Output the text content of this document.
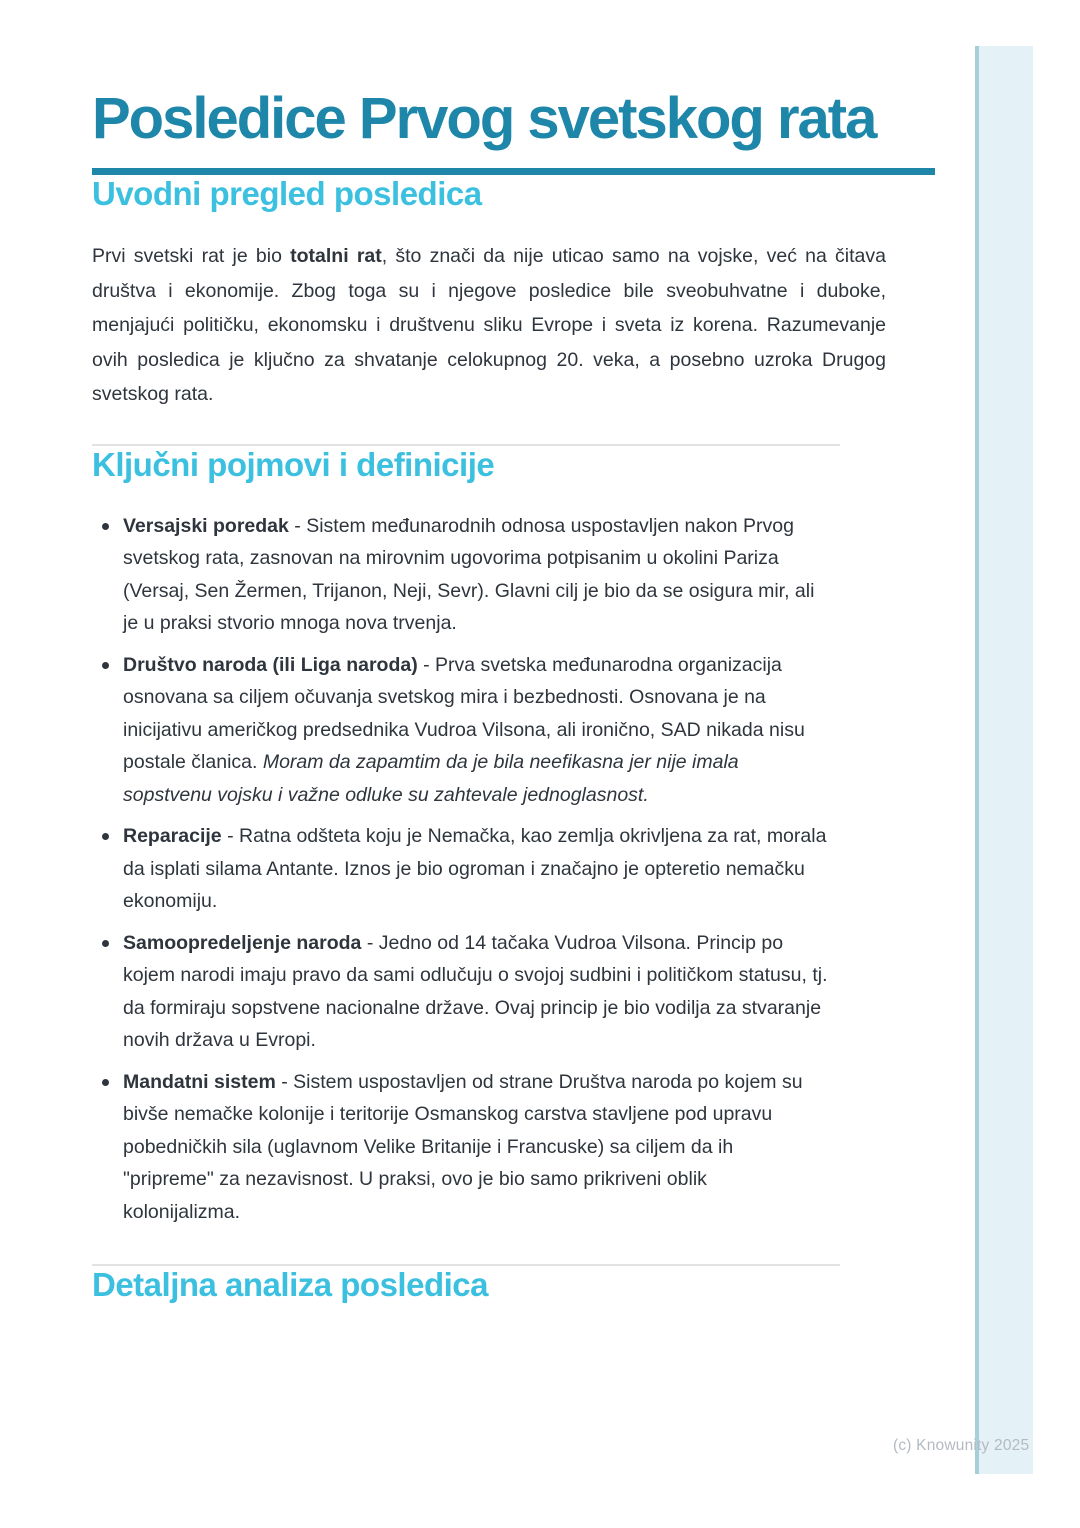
Posledice Prvog svetskog rata
Uvodni pregled posledica

Prvi svetski rat je bio totalni rat, što znači da nije uticao samo na vojske, već na čitava društva i ekonomije. Zbog toga su i njegove posledice bile sveobuhvatne i duboke, menjajući političku, ekonomsku i društvenu sliku Evrope i sveta iz korena. Razumevanje ovih posledica je ključno za shvatanje celokupnog 20. veka, a posebno uzroka Drugog svetskog rata.

Ključni pojmovi i definicije
Versajski poredak - Sistem međunarodnih odnosa uspostavljen nakon Prvog svetskog rata, zasnovan na mirovnim ugovorima potpisanim u okolini Pariza (Versaj, Sen Žermen, Trijanon, Neji, Sevr). Glavni cilj je bio da se osigura mir, ali je u praksi stvorio mnoga nova trvenja.
Društvo naroda (ili Liga naroda) - Prva svetska međunarodna organizacija osnovana sa ciljem očuvanja svetskog mira i bezbednosti. Osnovana je na inicijativu američkog predsednika Vudroa Vilsona, ali ironično, SAD nikada nisu postale članica. Moram da zapamtim da je bila neefikasna jer nije imala sopstvenu vojsku i važne odluke su zahtevale jednoglasnost.
Reparacije - Ratna odšteta koju je Nemačka, kao zemlja okrivljena za rat, morala da isplati silama Antante. Iznos je bio ogroman i značajno je opteretio nemačku ekonomiju.
Samoopredeljenje naroda - Jedno od 14 tačaka Vudroa Vilsona. Princip po kojem narodi imaju pravo da sami odlučuju o svojoj sudbini i političkom statusu, tj. da formiraju sopstvene nacionalne države. Ovaj princip je bio vodilja za stvaranje novih država u Evropi.
Mandatni sistem - Sistem uspostavljen od strane Društva naroda po kojem su bivše nemačke kolonije i teritorije Osmanskog carstva stavljene pod upravu pobedničkih sila (uglavnom Velike Britanije i Francuske) sa ciljem da ih "pripreme" za nezavisnost. U praksi, ovo je bio samo prikriveni oblik kolonijalizma.
Detaljna analiza posledica
(c) Knowunity 2025
